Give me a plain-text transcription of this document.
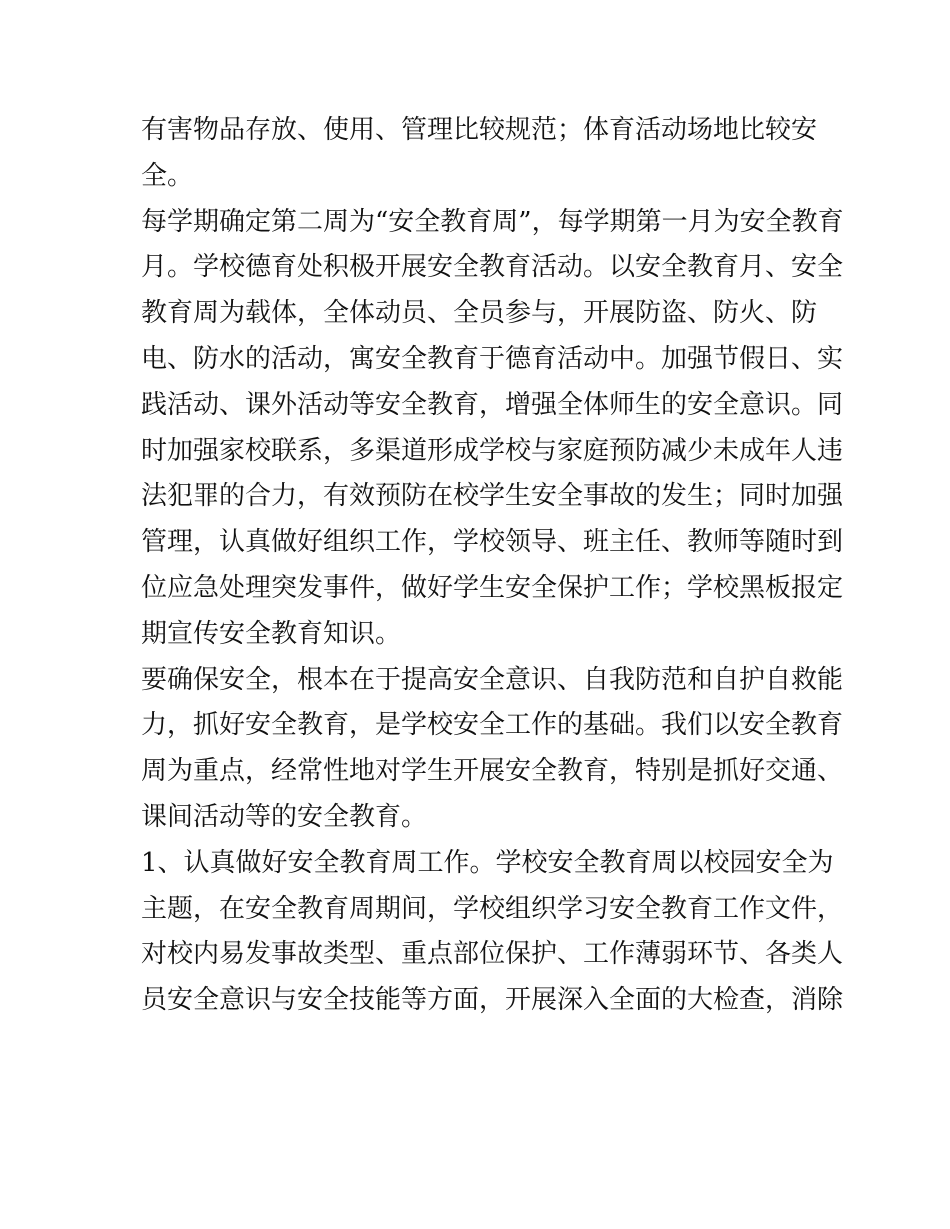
有害物品存放、使用、管理比较规范；体育活动场地比较安
全。
每学期确定第二周为“安全教育周”，每学期第一月为安全教育
月。学校德育处积极开展安全教育活动。以安全教育月、安全
教育周为载体，全体动员、全员参与，开展防盗、防火、防
电、防水的活动，寓安全教育于德育活动中。加强节假日、实
践活动、课外活动等安全教育，增强全体师生的安全意识。同
时加强家校联系，多渠道形成学校与家庭预防减少未成年人违
法犯罪的合力，有效预防在校学生安全事故的发生；同时加强
管理，认真做好组织工作，学校领导、班主任、教师等随时到
位应急处理突发事件，做好学生安全保护工作；学校黑板报定
期宣传安全教育知识。
要确保安全，根本在于提高安全意识、自我防范和自护自救能
力，抓好安全教育，是学校安全工作的基础。我们以安全教育
周为重点，经常性地对学生开展安全教育，特别是抓好交通、
课间活动等的安全教育。
1、认真做好安全教育周工作。学校安全教育周以校园安全为
主题，在安全教育周期间，学校组织学习安全教育工作文件，
对校内易发事故类型、重点部位保护、工作薄弱环节、各类人
员安全意识与安全技能等方面，开展深入全面的大检查，消除
